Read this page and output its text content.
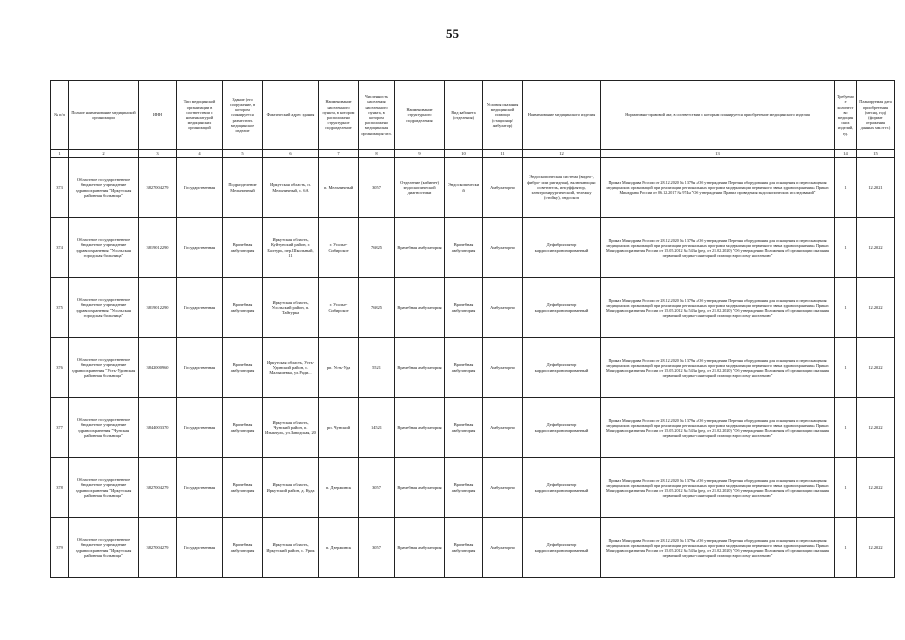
55
№ п/п	Полное наименование медицинской организации	ИНН	Тип медицинской организации в соответствии с номенклатурой медицинских организаций	Здание (его сооружение, в котором планируется разместить медицинское изделие	Фактический адрес здания	Наименование населенного пункта, в котором расположено структурное подразделение	Численность населения населенного пункта, в котором расположено медицинская организация чел.	Наименование структурного подразделения	Вид кабинета (отделения)	Условия оказания медицинской помощи (стационар/амбулатор)	Наименование медицинского изделия	Нормативно-правовой акт, в соответствии с которым планируется приобретение медицинского изделия	Требуемое количество медицинских изделий, ед.	Планируемая дата приобретения (месяц, год) (формат отражения данных мм.гггг.)
1	2	3	4	5	6	7	8	9	10	11	12	13	14	15
373	Областное государственное бюджетное учреждение здравоохранения "Иркутская районная больница"	3827004279	Государственная	Подразделение Мельничный	Иркутская область, п. Мельничный, с. 6А	п. Мельничный	3057	Отделение (кабинет) эндоскопической диагностики	Эндоскопический	Амбулаторно	Эндоскопическая система (видео-, фибро- или ригидная), включающая: осветитель, инсуффлятор, электрохирургический, тележку (стойку), эндоскоп	Приказ Минздрава России от 28.12.2020 № 1379н «Об утверждении Перечня оборудования для оснащения и переоснащения медицинских организаций при реализации региональных программ модернизации первичного звена здравоохранения» Приказ Минздрава России от 06.12.2017 № 974н "Об утверждении Правил проведения эндоскопических исследований"	1	12.2021
374	Областное государственное бюджетное учреждение здравоохранения "Усольская городская больница"	3819012290	Государственная	Врачебная амбулатория	Иркутская область, Куйтунский район, г. Балтурь, пер.Школьный, 11	г. Усолье-Сибирское	76825	Врачебная амбулатория	Врачебная амбулатория	Амбулаторно	Дефибриллятор кардиосинхронизированный	Приказ Минздрава России от 28.12.2020 № 1379н «Об утверждении Перечня оборудования для оснащения и переоснащения медицинских организаций при реализации региональных программ модернизации первичного звена здравоохранения» Приказ Минздравсоцразвития России от 15.05.2012 № 543н (ред. от 21.02.2020) "Об утверждении Положения об организации оказания первичной медико-санитарной помощи взрослому населению"	1	12.2022
375	Областное государственное бюджетное учреждение здравоохранения "Усольская городская больница"	3819012290	Государственная	Врачебная амбулатория	Иркутская область, Усольский район, п. Тайтурка	г. Усолье-Сибирское	76825	Врачебная амбулатория	Врачебная амбулатория	Амбулаторно	Дефибриллятор кардиосинхронизированный	Приказ Минздрава России от 28.12.2020 № 1379н «Об утверждении Перечня оборудования для оснащения и переоснащения медицинских организаций при реализации региональных программ модернизации первичного звена здравоохранения» Приказ Минздравсоцразвития России от 15.05.2012 № 543н (ред. от 21.02.2020) "Об утверждении Положения об организации оказания первичной медико-санитарной помощи взрослому населению"	1	12.2022
376	Областное государственное бюджетное учреждение здравоохранения "Усть-Удинская районная больница"	3842000960	Государственная	Врачебная амбулатория	Иркутская область, Усть-Удинский район, с. Малышевка, ул.Ради...	рп. Усть-Уда	5521	Врачебная амбулатория	Врачебная амбулатория	Амбулаторно	Дефибриллятор кардиосинхронизированный	Приказ Минздрава России от 28.12.2020 № 1379н «Об утверждении Перечня оборудования для оснащения и переоснащения медицинских организаций при реализации региональных программ модернизации первичного звена здравоохранения» Приказ Минздравсоцразвития России от 15.05.2012 № 543н (ред. от 21.02.2020) "Об утверждении Положения об организации оказания первичной медико-санитарной помощи взрослому населению"	1	12.2022
377	Областное государственное бюджетное учреждение здравоохранения "Чунская районная больница"	3844003370	Государственная	Врачебная амбулатория	Иркутская область, Чунский район, п. Изыкчуль, ул.Заводская, 20	рп. Чунский	14521	Врачебная амбулатория	Врачебная амбулатория	Амбулаторно	Дефибриллятор кардиосинхронизированный	Приказ Минздрава России от 28.12.2020 № 1379н «Об утверждении Перечня оборудования для оснащения и переоснащения медицинских организаций при реализации региональных программ модернизации первичного звена здравоохранения» Приказ Минздравсоцразвития России от 15.05.2012 № 543н (ред. от 21.02.2020) "Об утверждении Положения об организации оказания первичной медико-санитарной помощи взрослому населению"	1	12.2022
378	Областное государственное бюджетное учреждение здравоохранения "Иркутская районная больница"	3827004279	Государственная	Врачебная амбулатория	Иркутская область, Иркутский район, д. Куда	п. Дзержинск	3057	Врачебная амбулатория	Врачебная амбулатория	Амбулаторно	Дефибриллятор кардиосинхронизированный	Приказ Минздрава России от 28.12.2020 № 1379н «Об утверждении Перечня оборудования для оснащения и переоснащения медицинских организаций при реализации региональных программ модернизации первичного звена здравоохранения» Приказ Минздравсоцразвития России от 15.05.2012 № 543н (ред. от 21.02.2020) "Об утверждении Положения об организации оказания первичной медико-санитарной помощи взрослому населению"	1	12.2022
379	Областное государственное бюджетное учреждение здравоохранения "Иркутская районная больница"	3827004279	Государственная	Врачебная амбулатория	Иркутская область, Иркутский район, с. Урик	п. Дзержинск	3057	Врачебная амбулатория	Врачебная амбулатория	Амбулаторно	Дефибриллятор кардиосинхронизированный	Приказ Минздрава России от 28.12.2020 № 1379н «Об утверждении Перечня оборудования для оснащения и переоснащения медицинских организаций при реализации региональных программ модернизации первичного звена здравоохранения» Приказ Минздравсоцразвития России от 15.05.2012 № 543н (ред. от 21.02.2020) "Об утверждении Положения об организации оказания первичной медико-санитарной помощи взрослому населению"	1	12.2022
